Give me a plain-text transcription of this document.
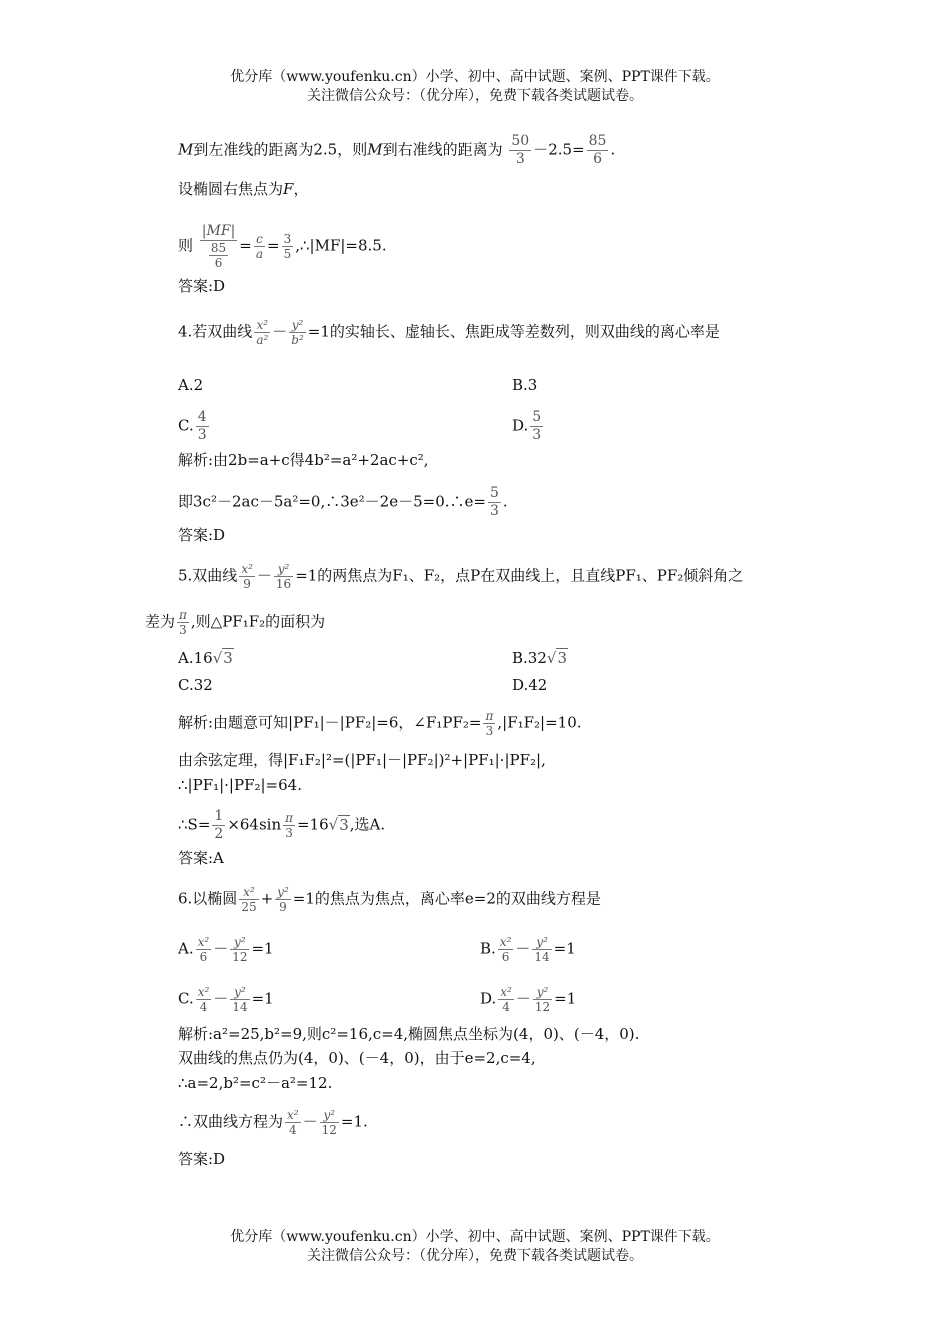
优分库（www.youfenku.cn）小学、初中、高中试题、案例、PPT课件下载。
关注微信公众号：（优分库），免费下载各类试题试卷。
M到左准线的距离为2.5，则M到右准线的距离为 $\frac{50}{3} -2.5= \frac{85}{6}$ .
设椭圆右焦点为F，
则 $\frac{|MF|}{\frac{85}{6}} = \frac{c}{a} = \frac{3}{5}$ ,∴|MF|=8.5.
答案:D
4.若双曲线 $\frac{\text{x²}}{\text{a²}} - \frac{\text{y²}}{\text{b²}} =1$的实轴长、虚轴长、焦距成等差数列，则双曲线的离心率是
A.2	B.3
C. $\frac{4}{3}$	D. $\frac{5}{3}$
解析:由2b=a+c得4b²=a²+2ac+c²,
即3c²－2ac－5a²=0,∴3e²－2e－5=0.∴e= $\frac{5}{3}$ .
答案:D
5.双曲线 $\frac{\text{x²}}{9} - \frac{\text{y²}}{16} =1$的两焦点为F₁、F₂，点P在双曲线上，且直线PF₁、PF₂倾斜角之
差为 $\frac{\pi}{3}$ ,则△PF₁F₂的面积为
A.16√3	B.32√3
C.32	D.42
解析:由题意可知|PF₁|－|PF₂|=6，∠F₁PF₂= $\frac{\pi}{3} ,|F_1F_2|=10$.
由余弦定理，得|F₁F₂|²=(|PF₁|－|PF₂|)²+|PF₁|·|PF₂|,
∴|PF₁|·|PF₂|=64.
∴S= $\frac{1}{2} \times 64\sin \frac{\pi}{3} =16√3$,选A.
答案:A
6.以椭圆 $\frac{\text{x²}}{25} + \frac{\text{y²}}{9} =1$的焦点为焦点，离心率e=2的双曲线方程是
A. $\frac{\text{x²}}{6} - \frac{\text{y²}}{12} =1$	B. $\frac{\text{x²}}{6} - \frac{\text{y²}}{14} =1$
C. $\frac{\text{x²}}{4} - \frac{\text{y²}}{14} =1$	D. $\frac{\text{x²}}{4} - \frac{\text{y²}}{12} =1$
解析:a²=25,b²=9,则c²=16,c=4,椭圆焦点坐标为(4，0)、(－4，0).
双曲线的焦点仍为(4，0)、(－4，0)，由于e=2,c=4,
∴a=2,b²=c²－a²=12.
∴双曲线方程为 $\frac{\text{x²}}{4} - \frac{\text{y²}}{12} =1$.
答案:D
优分库（www.youfenku.cn）小学、初中、高中试题、案例、PPT课件下载。
关注微信公众号：（优分库），免费下载各类试题试卷。
